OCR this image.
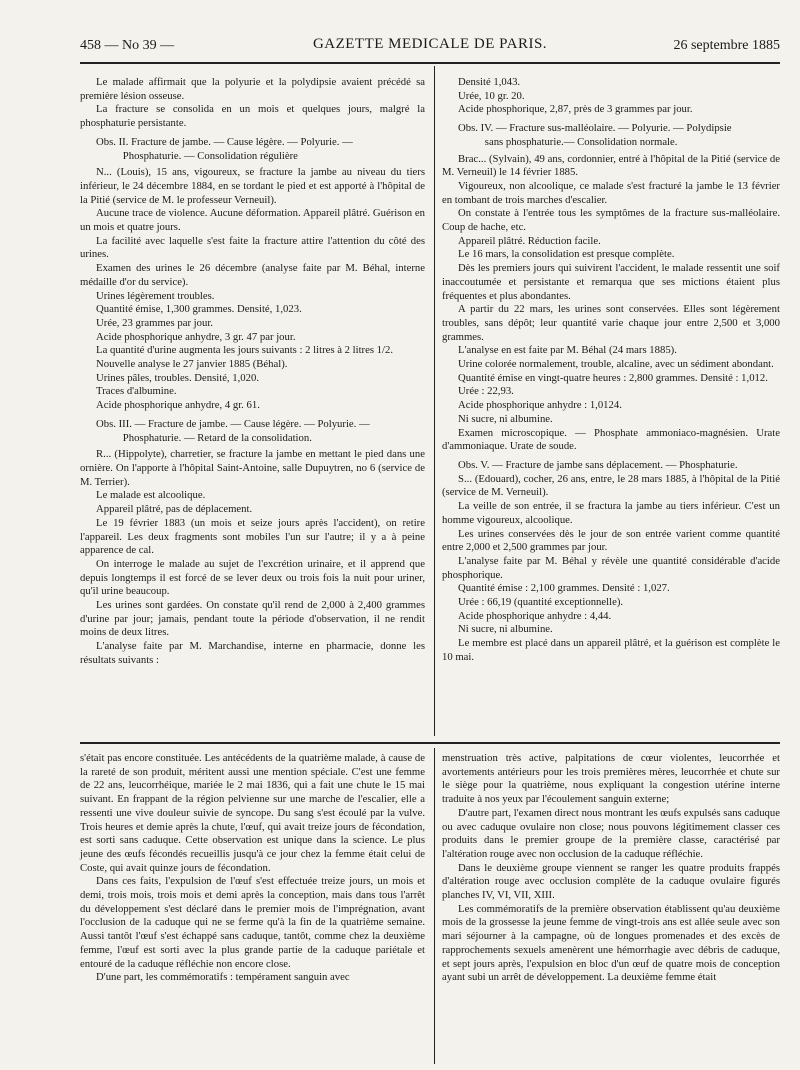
458 — No 39 —	GAZETTE MEDICALE DE PARIS.	26 septembre 1885

Le malade affirmait que la polyurie et la polydipsie avaient précédé sa première lésion osseuse.

La fracture se consolida en un mois et quelques jours, malgré la phosphaturie persistante.

Obs. II. Fracture de jambe. — Cause légère. — Polyurie. —

Phosphaturie. — Consolidation régulière

N... (Louis), 15 ans, vigoureux, se fracture la jambe au niveau du tiers inférieur, le 24 décembre 1884, en se tordant le pied et est apporté à l'hôpital de la Pitié (service de M. le professeur Verneuil).

Aucune trace de violence. Aucune déformation. Appareil plâtré. Guérison en un mois et quatre jours.

La facilité avec laquelle s'est faite la fracture attire l'attention du côté des urines.

Examen des urines le 26 décembre (analyse faite par M. Béhal, interne médaille d'or du service).

Urines légèrement troubles.

Quantité émise, 1,300 grammes. Densité, 1,023.

Urée, 23 grammes par jour.

Acide phosphorique anhydre, 3 gr. 47 par jour.

La quantité d'urine augmenta les jours suivants : 2 litres à 2 litres 1/2.

Nouvelle analyse le 27 janvier 1885 (Béhal).

Urines pâles, troubles. Densité, 1,020.

Traces d'albumine.

Acide phosphorique anhydre, 4 gr. 61.

Obs. III. — Fracture de jambe. — Cause légère. — Polyurie. —

Phosphaturie. — Retard de la consolidation.

R... (Hippolyte), charretier, se fracture la jambe en mettant le pied dans une ornière. On l'apporte à l'hôpital Saint-Antoine, salle Dupuytren, no 6 (service de M. Terrier).

Le malade est alcoolique.

Appareil plâtré, pas de déplacement.

Le 19 février 1883 (un mois et seize jours après l'accident), on retire l'appareil. Les deux fragments sont mobiles l'un sur l'autre; il y a à peine apparence de cal.

On interroge le malade au sujet de l'excrétion urinaire, et il apprend que depuis longtemps il est forcé de se lever deux ou trois fois la nuit pour uriner, qu'il urine beaucoup.

Les urines sont gardées. On constate qu'il rend de 2,000 à 2,400 grammes d'urine par jour; jamais, pendant toute la période d'observation, il ne rendit moins de deux litres.

L'analyse faite par M. Marchandise, interne en pharmacie, donne les résultats suivants :

Densité 1,043.

Urée, 10 gr. 20.

Acide phosphorique, 2,87, près de 3 grammes par jour.

Obs. IV. — Fracture sus-malléolaire. — Polyurie. — Polydipsie

sans phosphaturie.— Consolidation normale.

Brac... (Sylvain), 49 ans, cordonnier, entré à l'hôpital de la Pitié (service de M. Verneuil) le 14 février 1885.

Vigoureux, non alcoolique, ce malade s'est fracturé la jambe le 13 février en tombant de trois marches d'escalier.

On constate à l'entrée tous les symptômes de la fracture sus-malléolaire. Coup de hache, etc.

Appareil plâtré. Réduction facile.

Le 16 mars, la consolidation est presque complète.

Dès les premiers jours qui suivirent l'accident, le malade ressentit une soif inaccoutumée et persistante et remarqua que ses mictions étaient plus fréquentes et plus abondantes.

A partir du 22 mars, les urines sont conservées. Elles sont légèrement troubles, sans dépôt; leur quantité varie chaque jour entre 2,500 et 3,000 grammes.

L'analyse en est faite par M. Béhal (24 mars 1885).

Urine colorée normalement, trouble, alcaline, avec un sédiment abondant.

Quantité émise en vingt-quatre heures : 2,800 grammes. Densité : 1,012.

Urée : 22,93.

Acide phosphorique anhydre : 1,0124.

Ni sucre, ni albumine.

Examen microscopique. — Phosphate ammoniaco-magnésien. Urate d'ammoniaque. Urate de soude.

Obs. V. — Fracture de jambe sans déplacement. — Phosphaturie.

S... (Edouard), cocher, 26 ans, entre, le 28 mars 1885, à l'hôpital de la Pitié (service de M. Verneuil).

La veille de son entrée, il se fractura la jambe au tiers inférieur. C'est un homme vigoureux, alcoolique.

Les urines conservées dès le jour de son entrée varient comme quantité entre 2,000 et 2,500 grammes par jour.

L'analyse faite par M. Béhal y révèle une quantité considérable d'acide phosphorique.

Quantité émise : 2,100 grammes. Densité : 1,027.

Urée : 66,19 (quantité exceptionnelle).

Acide phosphorique anhydre : 4,44.

Ni sucre, ni albumine.

Le membre est placé dans un appareil plâtré, et la guérison est complète le 10 mai.

s'était pas encore constituée. Les antécédents de la quatrième malade, à cause de la rareté de son produit, méritent aussi une mention spéciale. C'est une femme de 22 ans, leucorrhéique, mariée le 2 mai 1836, qui a fait une chute le 15 mai suivant. En frappant de la région pelvienne sur une marche de l'escalier, elle a ressenti une vive douleur suivie de syncope. Du sang s'est écoulé par la vulve. Trois heures et demie après la chute, l'œuf, qui avait treize jours de fécondation, est sorti sans caduque. Cette observation est unique dans la science. Le plus jeune des œufs fécondés recueillis jusqu'à ce jour chez la femme était celui de Coste, qui avait quinze jours de fécondation.

Dans ces faits, l'expulsion de l'œuf s'est effectuée treize jours, un mois et demi, trois mois, trois mois et demi après la conception, mais dans tous l'arrêt du développement s'est déclaré dans le premier mois de l'imprégnation, avant l'occlusion de la caduque qui ne se ferme qu'à la fin de la quatrième semaine. Aussi tantôt l'œuf s'est échappé sans caduque, tantôt, comme chez la deuxième femme, l'œuf est sorti avec la plus grande partie de la caduque pariétale et entouré de la caduque réfléchie non encore close.

D'une part, les commémoratifs : tempérament sanguin avec

menstruation très active, palpitations de cœur violentes, leucorrhée et avortements antérieurs pour les trois premières mères, leucorrhée et chute sur le siège pour la quatrième, nous expliquant la congestion utérine interne traduite à nos yeux par l'écoulement sanguin externe;

D'autre part, l'examen direct nous montrant les œufs expulsés sans caduque ou avec caduque ovulaire non close; nous pouvons légitimement classer ces produits dans le premier groupe de la première classe, caractérisé par l'altération rouge avec non occlusion de la caduque réfléchie.

Dans le deuxième groupe viennent se ranger les quatre produits frappés d'altération rouge avec occlusion complète de la caduque ovulaire figurés planches IV, VI, VII, XIII.

Les commémoratifs de la première observation établissent qu'au deuxième mois de la grossesse la jeune femme de vingt-trois ans est allée seule avec son mari séjourner à la campagne, où de longues promenades et des excès de rapprochements sexuels amenèrent une hémorrhagie avec débris de caduque, et sept jours après, l'expulsion en bloc d'un œuf de quatre mois de conception ayant subi un arrêt de développement. La deuxième femme était
